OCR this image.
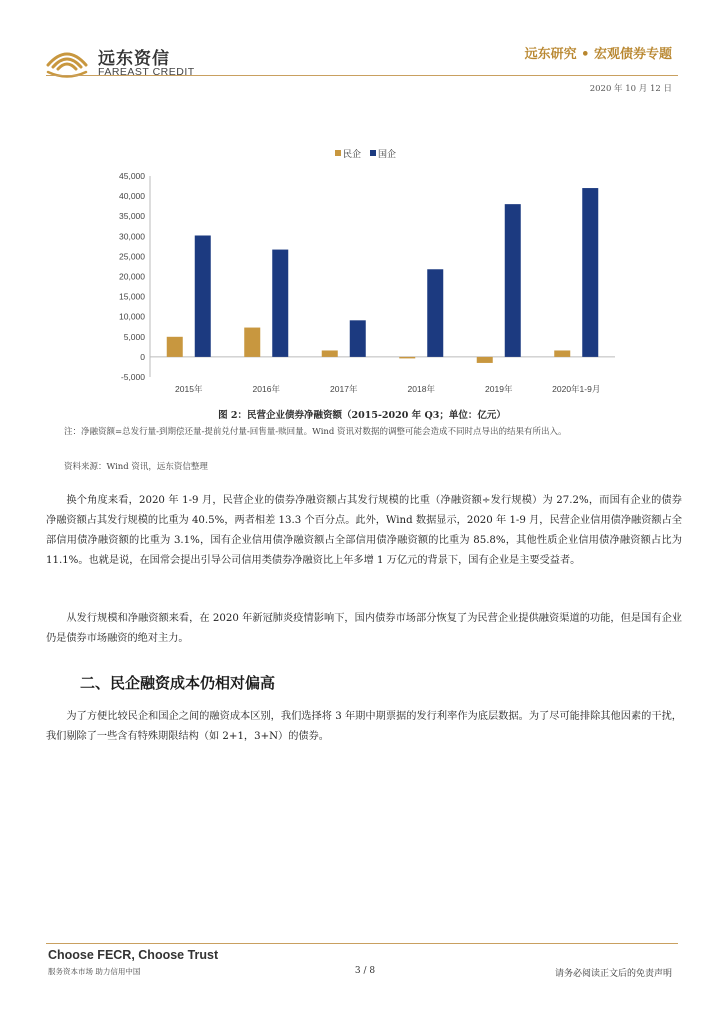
远东资信
FAREAST CREDIT
远东研究 • 宏观债券专题
2020 年 10 月 12 日
民企 国企
45,000
40,000
35,000
30,000
25,000
20,000
15,000
10,000
5,000
0
-5,000
2015年	2016年	2017年	2018年	2019年	2020年1-9月
图 2：民营企业债券净融资额（2015-2020 年 Q3；单位：亿元）
注：净融资额=总发行量-到期偿还量-提前兑付量-回售量-赎回量。Wind 资讯对数据的调整可能会造成不同时点导出的结果有所出入。
资料来源：Wind 资讯，远东资信整理

换个角度来看，2020 年 1-9 月，民营企业的债券净融资额占其发行规模的比重（净融资额÷发行规模）为 27.2%，而国有企业的债券净融资额占其发行规模的比重为 40.5%，两者相差 13.3 个百分点。此外，Wind 数据显示，2020 年 1-9 月，民营企业信用债净融资额占全部信用债净融资额的比重为 3.1%，国有企业信用债净融资额占全部信用债净融资额的比重为 85.8%，其他性质企业信用债净融资额占比为 11.1%。也就是说，在国常会提出引导公司信用类债券净融资比上年多增 1 万亿元的背景下，国有企业是主要受益者。

从发行规模和净融资额来看，在 2020 年新冠肺炎疫情影响下，国内债券市场部分恢复了为民营企业提供融资渠道的功能，但是国有企业仍是债券市场融资的绝对主力。

二、民企融资成本仍相对偏高

为了方便比较民企和国企之间的融资成本区别，我们选择将 3 年期中期票据的发行利率作为底层数据。为了尽可能排除其他因素的干扰，我们剔除了一些含有特殊期限结构（如 2+1，3+N）的债券。

Choose FECR, Choose Trust
服务资本市场 助力信用中国	3 / 8	请务必阅读正文后的免责声明
